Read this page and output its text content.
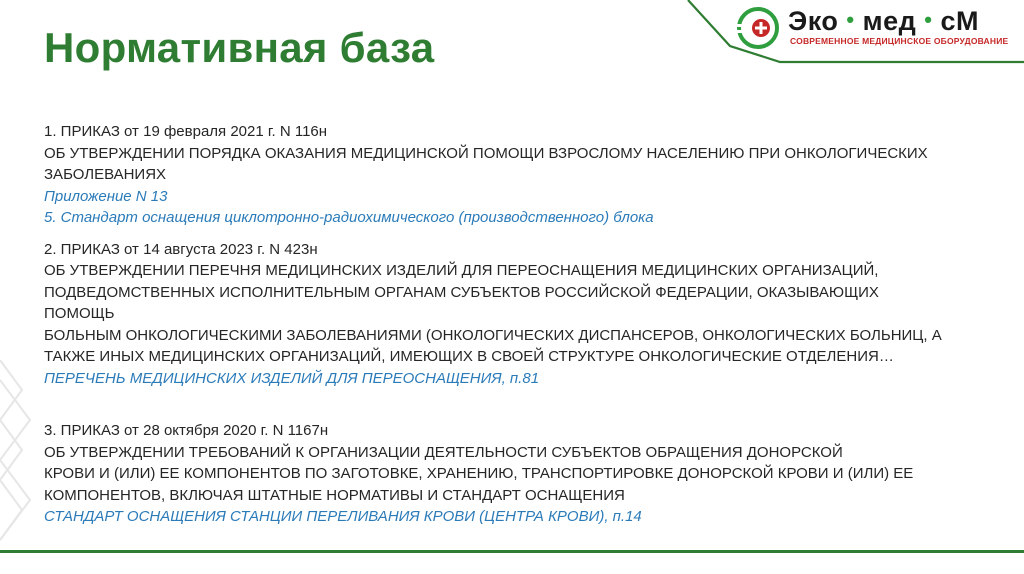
Нормативная база
Эко • мед • сМ
СОВРЕМЕННОЕ МЕДИЦИНСКОЕ ОБОРУДОВАНИЕ

1. ПРИКАЗ от 19 февраля 2021 г. N 116н

ОБ УТВЕРЖДЕНИИ ПОРЯДКА ОКАЗАНИЯ МЕДИЦИНСКОЙ ПОМОЩИ ВЗРОСЛОМУ НАСЕЛЕНИЮ ПРИ ОНКОЛОГИЧЕСКИХ

ЗАБОЛЕВАНИЯХ

Приложение N 13

5. Стандарт оснащения циклотронно-радиохимического (производственного) блока

2. ПРИКАЗ от 14 августа 2023 г. N 423н

ОБ УТВЕРЖДЕНИИ ПЕРЕЧНЯ МЕДИЦИНСКИХ ИЗДЕЛИЙ ДЛЯ ПЕРЕОСНАЩЕНИЯ МЕДИЦИНСКИХ ОРГАНИЗАЦИЙ,

ПОДВЕДОМСТВЕННЫХ ИСПОЛНИТЕЛЬНЫМ ОРГАНАМ СУБЪЕКТОВ РОССИЙСКОЙ ФЕДЕРАЦИИ, ОКАЗЫВАЮЩИХ ПОМОЩЬ

БОЛЬНЫМ ОНКОЛОГИЧЕСКИМИ ЗАБОЛЕВАНИЯМИ (ОНКОЛОГИЧЕСКИХ ДИСПАНСЕРОВ, ОНКОЛОГИЧЕСКИХ БОЛЬНИЦ, А

ТАКЖЕ ИНЫХ МЕДИЦИНСКИХ ОРГАНИЗАЦИЙ, ИМЕЮЩИХ В СВОЕЙ СТРУКТУРЕ ОНКОЛОГИЧЕСКИЕ ОТДЕЛЕНИЯ…

ПЕРЕЧЕНЬ МЕДИЦИНСКИХ ИЗДЕЛИЙ ДЛЯ ПЕРЕОСНАЩЕНИЯ, п.81

3. ПРИКАЗ от 28 октября 2020 г. N 1167н

ОБ УТВЕРЖДЕНИИ ТРЕБОВАНИЙ К ОРГАНИЗАЦИИ ДЕЯТЕЛЬНОСТИ СУБЪЕКТОВ ОБРАЩЕНИЯ ДОНОРСКОЙ

КРОВИ И (ИЛИ) ЕЕ КОМПОНЕНТОВ ПО ЗАГОТОВКЕ, ХРАНЕНИЮ, ТРАНСПОРТИРОВКЕ ДОНОРСКОЙ КРОВИ И (ИЛИ) ЕЕ

КОМПОНЕНТОВ, ВКЛЮЧАЯ ШТАТНЫЕ НОРМАТИВЫ И СТАНДАРТ ОСНАЩЕНИЯ

СТАНДАРТ ОСНАЩЕНИЯ СТАНЦИИ ПЕРЕЛИВАНИЯ КРОВИ (ЦЕНТРА КРОВИ), п.14
